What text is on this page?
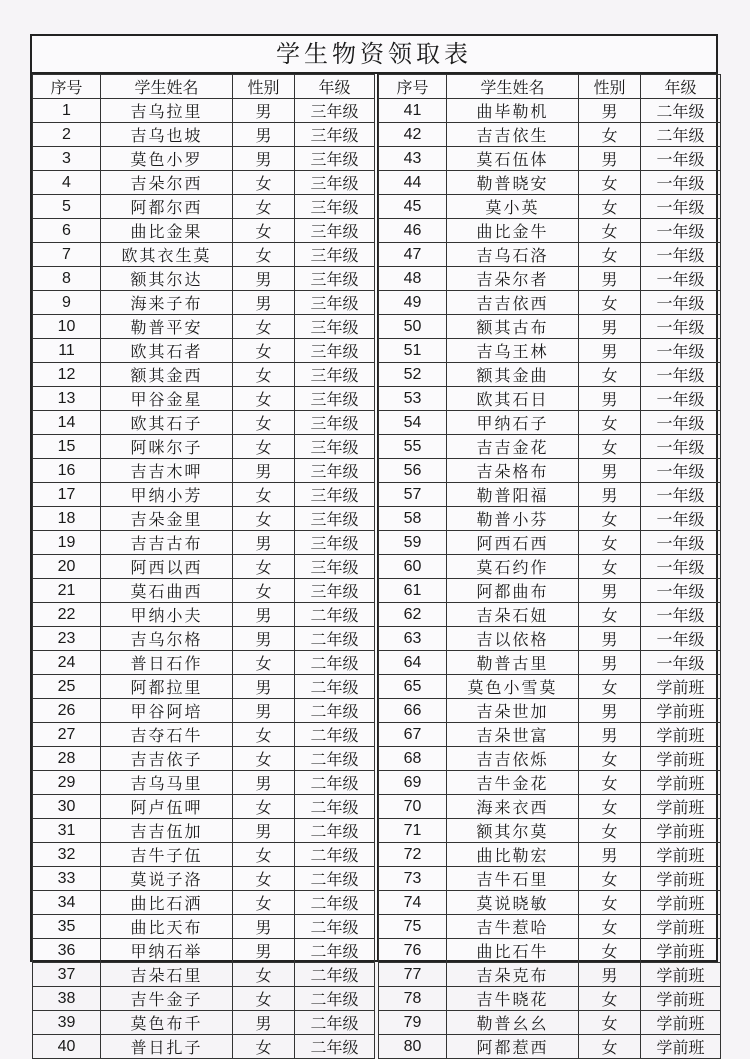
学生物资领取表
序号	学生姓名	性别	年级
1	吉乌拉里	男	三年级
2	吉乌也坡	男	三年级
3	莫色小罗	男	三年级
4	吉朵尔西	女	三年级
5	阿都尔西	女	三年级
6	曲比金果	女	三年级
7	欧其衣生莫	女	三年级
8	额其尔达	男	三年级
9	海来子布	男	三年级
10	勒普平安	女	三年级
11	欧其石者	女	三年级
12	额其金西	女	三年级
13	甲谷金星	女	三年级
14	欧其石子	女	三年级
15	阿咪尔子	女	三年级
16	吉吉木呷	男	三年级
17	甲纳小芳	女	三年级
18	吉朵金里	女	三年级
19	吉吉古布	男	三年级
20	阿西以西	女	三年级
21	莫石曲西	女	三年级
22	甲纳小夫	男	二年级
23	吉乌尔格	男	二年级
24	普日石作	女	二年级
25	阿都拉里	男	二年级
26	甲谷阿培	男	二年级
27	吉夺石牛	女	二年级
28	吉吉依子	女	二年级
29	吉乌马里	男	二年级
30	阿卢伍呷	女	二年级
31	吉吉伍加	男	二年级
32	吉牛子伍	女	二年级
33	莫说子洛	女	二年级
34	曲比石洒	女	二年级
35	曲比天布	男	二年级
36	甲纳石举	男	二年级
37	吉朵石里	女	二年级
38	吉牛金子	女	二年级
39	莫色布千	男	二年级
40	普日扎子	女	二年级
序号	学生姓名	性别	年级
41	曲毕勒机	男	二年级
42	吉吉依生	女	二年级
43	莫石伍体	男	一年级
44	勒普晓安	女	一年级
45	莫小英	女	一年级
46	曲比金牛	女	一年级
47	吉乌石洛	女	一年级
48	吉朵尔者	男	一年级
49	吉吉依西	女	一年级
50	额其古布	男	一年级
51	吉乌王林	男	一年级
52	额其金曲	女	一年级
53	欧其石日	男	一年级
54	甲纳石子	女	一年级
55	吉吉金花	女	一年级
56	吉朵格布	男	一年级
57	勒普阳福	男	一年级
58	勒普小芬	女	一年级
59	阿西石西	女	一年级
60	莫石约作	女	一年级
61	阿都曲布	男	一年级
62	吉朵石妞	女	一年级
63	吉以依格	男	一年级
64	勒普古里	男	一年级
65	莫色小雪莫	女	学前班
66	吉朵世加	男	学前班
67	吉朵世富	男	学前班
68	吉吉依烁	女	学前班
69	吉牛金花	女	学前班
70	海来衣西	女	学前班
71	额其尔莫	女	学前班
72	曲比勒宏	男	学前班
73	吉牛石里	女	学前班
74	莫说晓敏	女	学前班
75	吉牛惹哈	女	学前班
76	曲比石牛	女	学前班
77	吉朵克布	男	学前班
78	吉牛晓花	女	学前班
79	勒普幺幺	女	学前班
80	阿都惹西	女	学前班
